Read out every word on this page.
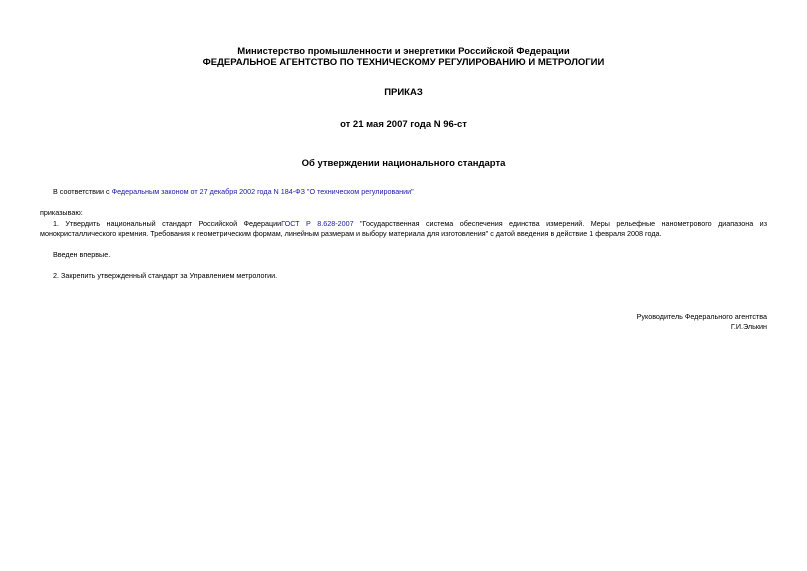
Министерство промышленности и энергетики Российской Федерации
ФЕДЕРАЛЬНОЕ АГЕНТСТВО ПО ТЕХНИЧЕСКОМУ РЕГУЛИРОВАНИЮ И МЕТРОЛОГИИ
ПРИКАЗ
от 21 мая 2007 года N 96-ст
Об утверждении национального стандарта
В соответствии с Федеральным законом от 27 декабря 2002 года N 184-ФЗ "О техническом регулировании"
приказываю:
1. Утвердить национальный стандарт Российской ФедерацииГОСТ Р 8.628-2007 "Государственная система обеспечения единства измерений. Меры рельефные нанометрового диапазона из
монокристаллического кремния. Требования к геометрическим формам, линейным размерам и выбору материала для изготовления" с датой введения в действие 1 февраля 2008 года.
Введен впервые.
2. Закрепить утвержденный стандарт за Управлением метрологии.
Руководитель Федерального агентства
Г.И.Элькин
